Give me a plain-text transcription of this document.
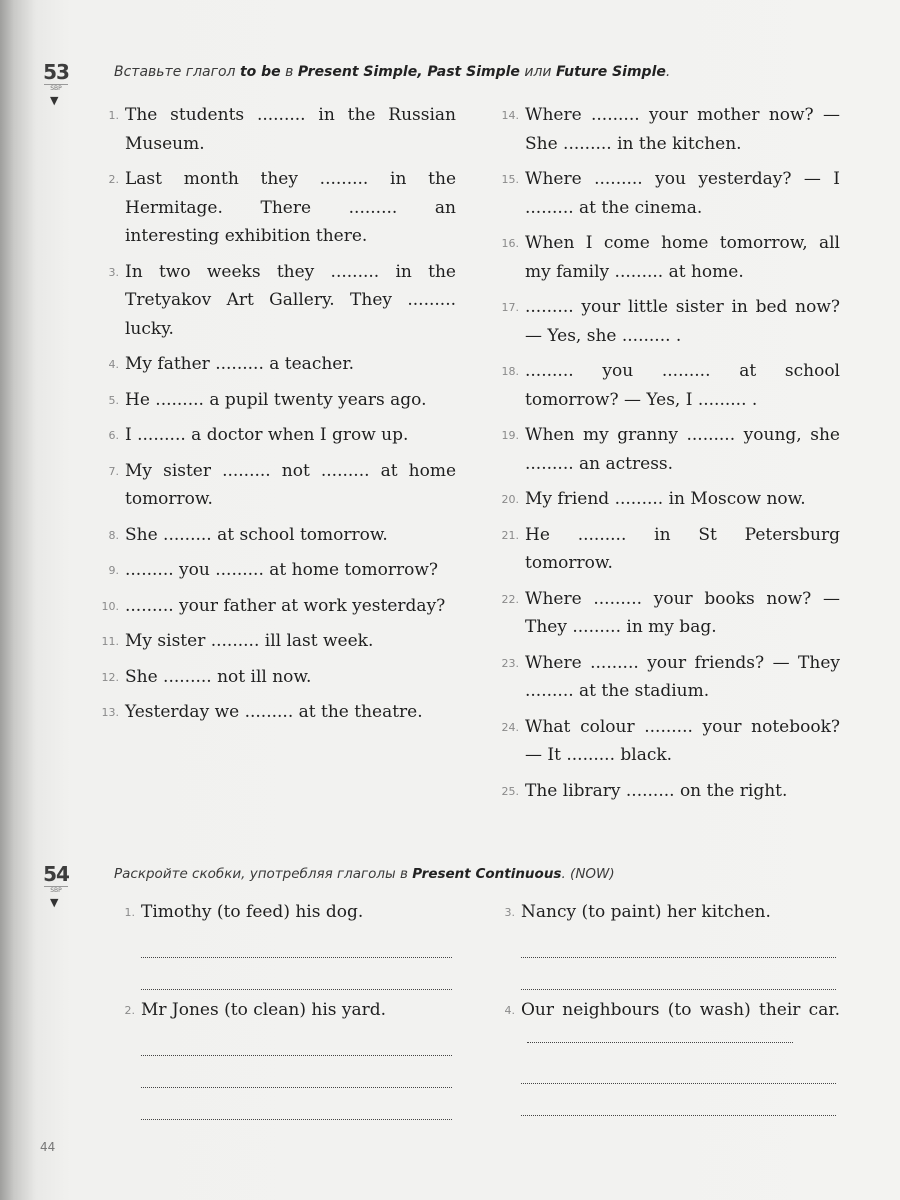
53
SBP
▼
Вставьте глагол to be в Present Simple, Past Simple или Future Simple.
1. The students ......... in the Russian Museum.
2. Last month they ......... in the Hermitage. There ......... an interesting exhibition there.
3. In two weeks they ......... in the Tretyakov Art Gallery. They ......... lucky.
4. My father ......... a teacher.
5. He ......... a pupil twenty years ago.
6. I ......... a doctor when I grow up.
7. My sister ......... not ......... at home tomorrow.
8. She ......... at school tomorrow.
9. ......... you ......... at home tomorrow?
10. ......... your father at work yesterday?
11. My sister ......... ill last week.
12. She ......... not ill now.
13. Yesterday we ......... at the theatre.
14. Where ......... your mother now? — She ......... in the kitchen.
15. Where ......... you yesterday? — I ......... at the cinema.
16. When I come home tomorrow, all my family ......... at home.
17. ......... your little sister in bed now? — Yes, she ......... .
18. ......... you ......... at school tomorrow? — Yes, I ......... .
19. When my granny ......... young, she ......... an actress.
20. My friend ......... in Moscow now.
21. He ......... in St Petersburg tomorrow.
22. Where ......... your books now? — They ......... in my bag.
23. Where ......... your friends? — They ......... at the stadium.
24. What colour ......... your notebook? — It ......... black.
25. The library ......... on the right.
54
SBP
▼
Раскройте скобки, употребляя глаголы в Present Continuous. (NOW)
1. Timothy (to feed) his dog.
2. Mr Jones (to clean) his yard.
3. Nancy (to paint) her kitchen.
4. Our neighbours (to wash) their car.
44
